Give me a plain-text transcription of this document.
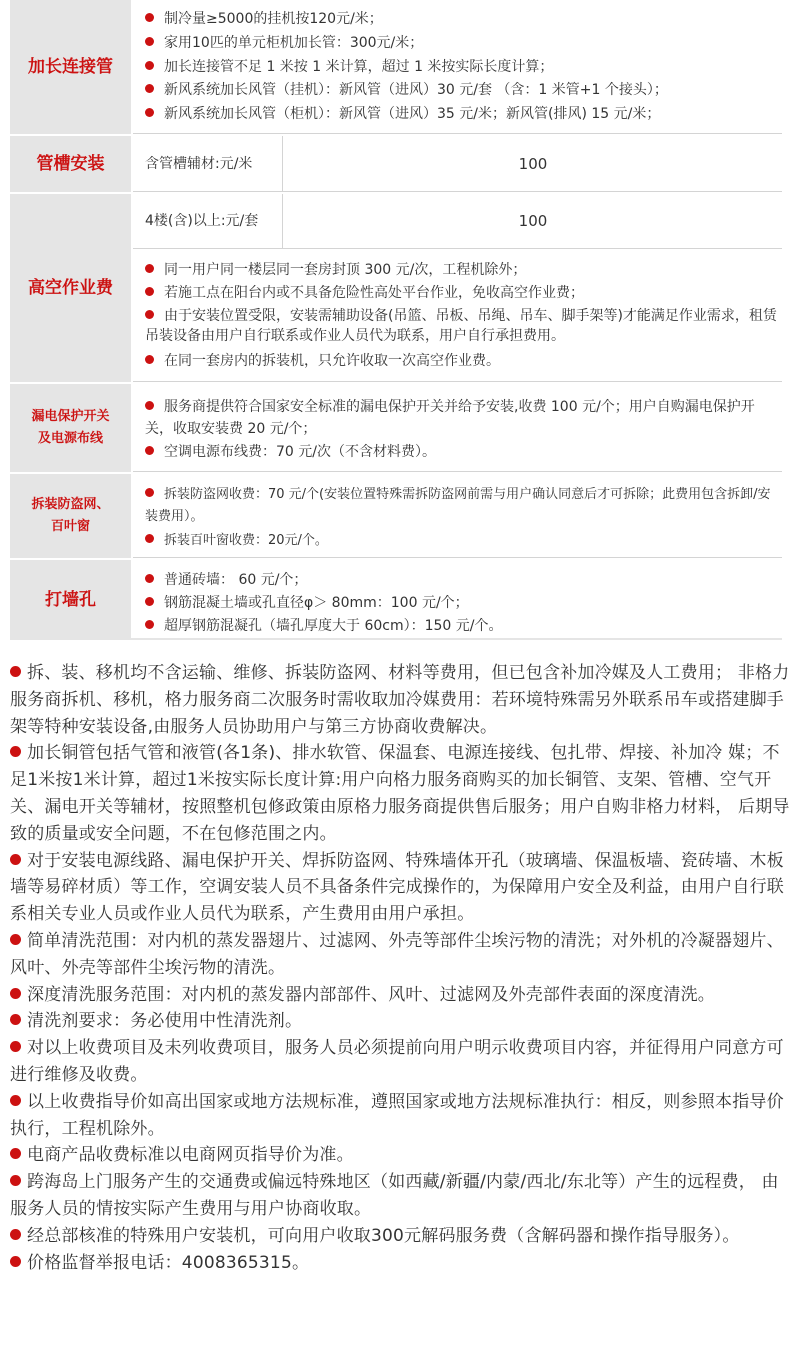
加长连接管
制冷量≥5000的挂机按120元/米；
家用10匹的单元柜机加长管：300元/米；
加长连接管不足 1 米按 1 米计算，超过 1 米按实际长度计算；
新风系统加长风管（挂机）：新风管（进风）30 元/套 （含：1 米管+1 个接头）；
新风系统加长风管（柜机）：新风管（进风）35 元/米；新风管(排风) 15 元/米；
管槽安装	含管槽辅材:元/米	100
高空作业费
4楼(含)以上:元/套	100
同一用户同一楼层同一套房封顶 300 元/次，工程机除外；
若施工点在阳台内或不具备危险性高处平台作业，免收高空作业费；
由于安装位置受限，安装需辅助设备(吊篮、吊板、吊绳、吊车、脚手架等)才能满足作业需求，租赁吊装设备由用户自行联系或作业人员代为联系，用户自行承担费用。
在同一套房内的拆装机，只允许收取一次高空作业费。
漏电保护开关
及电源布线
服务商提供符合国家安全标准的漏电保护开关并给予安装,收费 100 元/个；用户自购漏电保护开关，收取安装费 20 元/个；
空调电源布线费：70 元/次（不含材料费）。
拆装防盗网、
百叶窗
拆装防盗网收费：70 元/个(安装位置特殊需拆防盗网前需与用户确认同意后才可拆除；此费用包含拆卸/安装费用）。
拆装百叶窗收费：20元/个。
打墙孔
普通砖墙： 60 元/个；
钢筋混凝土墙或孔直径φ＞ 80mm：100 元/个；
超厚钢筋混凝孔（墙孔厚度大于 60cm）：150 元/个。
拆、装、移机均不含运输、维修、拆装防盗网、材料等费用，但已包含补加冷媒及人工费用； 非格力服务商拆机、移机，格力服务商二次服务时需收取加冷媒费用：若环境特殊需另外联系吊车或搭建脚手架等特种安装设备,由服务人员协助用户与第三方协商收费解决。
加长铜管包括气管和液管(各1条)、排水软管、保温套、电源连接线、包扎带、焊接、补加冷 媒；不足1米按1米计算，超过1米按实际长度计算:用户向格力服务商购买的加长铜管、支架、管槽、空气开关、漏电开关等辅材，按照整机包修政策由原格力服务商提供售后服务；用户自购非格力材料， 后期导致的质量或安全问题，不在包修范围之内。
对于安装电源线路、漏电保护开关、焊拆防盗网、特殊墙体开孔（玻璃墙、保温板墙、瓷砖墙、木板墙等易碎材质）等工作，空调安装人员不具备条件完成操作的，为保障用户安全及利益，由用户自行联系相关专业人员或作业人员代为联系，产生费用由用户承担。
简单清洗范围：对内机的蒸发器翅片、过滤网、外壳等部件尘埃污物的清洗；对外机的冷凝器翅片、风叶、外壳等部件尘埃污物的清洗。
深度清洗服务范围：对内机的蒸发器内部部件、风叶、过滤网及外壳部件表面的深度清洗。
清洗剂要求：务必使用中性清洗剂。
对以上收费项目及未列收费项目，服务人员必须提前向用户明示收费项目内容，并征得用户同意方可进行维修及收费。
以上收费指导价如高出国家或地方法规标准，遵照国家或地方法规标准执行：相反，则参照本指导价执行，工程机除外。
电商产品收费标准以电商网页指导价为准。
跨海岛上门服务产生的交通费或偏远特殊地区（如西藏/新疆/内蒙/西北/东北等）产生的远程费， 由服务人员的情按实际产生费用与用户协商收取。
经总部核准的特殊用户安装机，可向用户收取300元解码服务费（含解码器和操作指导服务）。
价格监督举报电话：4008365315。
